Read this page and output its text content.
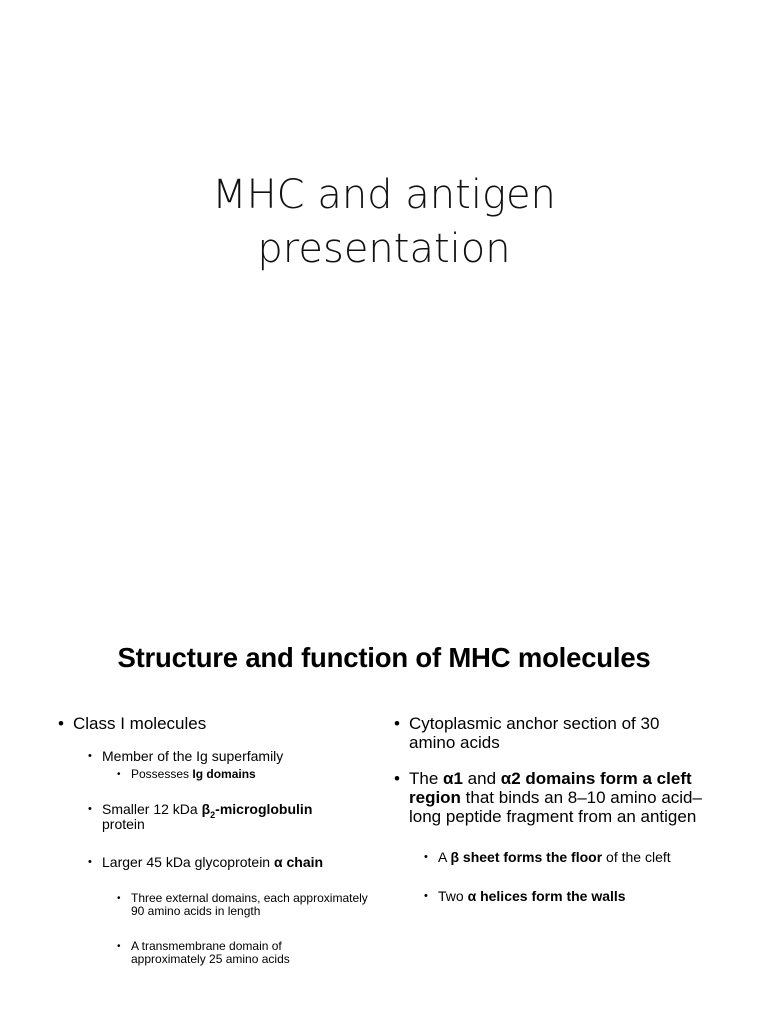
MHC and antigen
presentation
Structure and function of MHC molecules
• Class I molecules
• Member of the Ig superfamily
• Possesses Ig domains
• Smaller 12 kDa $\beta_2$-microglobulin
protein
• Larger 45 kDa glycoprotein α chain
• Three external domains, each approximately 90 amino acids in length
• A transmembrane domain of approximately 25 amino acids
• Cytoplasmic anchor section of 30 amino acids
• The α1 and α2 domains form a cleft region that binds an 8–10 amino acid–long peptide fragment from an antigen
• A β sheet forms the floor of the cleft
• Two α helices form the walls
